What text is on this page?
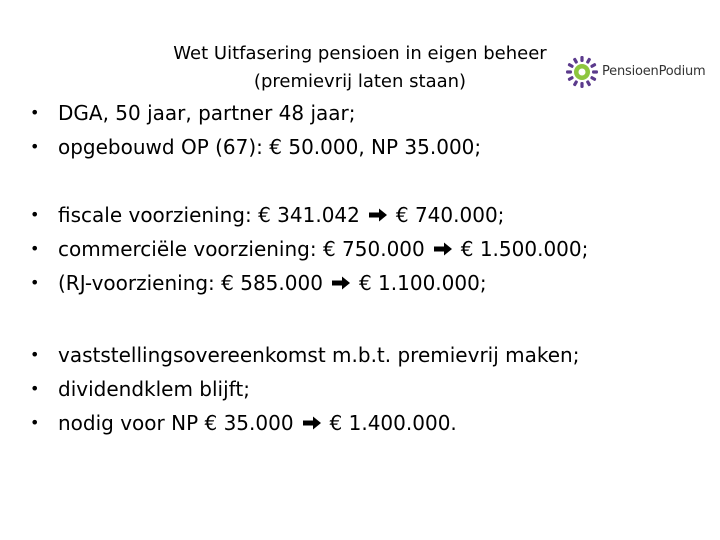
Wet Uitfasering pensioen in eigen beheer
(premievrij laten staan)	PensioenPodium
• DGA, 50 jaar, partner 48 jaar;
• opgebouwd OP (67): € 50.000, NP 35.000;
• fiscale voorziening: € 341.042 € 740.000;
• commerciële voorziening: € 750.000 € 1.500.000;
• (RJ-voorziening: € 585.000 € 1.100.000;
• vaststellingsovereenkomst m.b.t. premievrij maken;
• dividendklem blijft;
• nodig voor NP € 35.000 € 1.400.000.
